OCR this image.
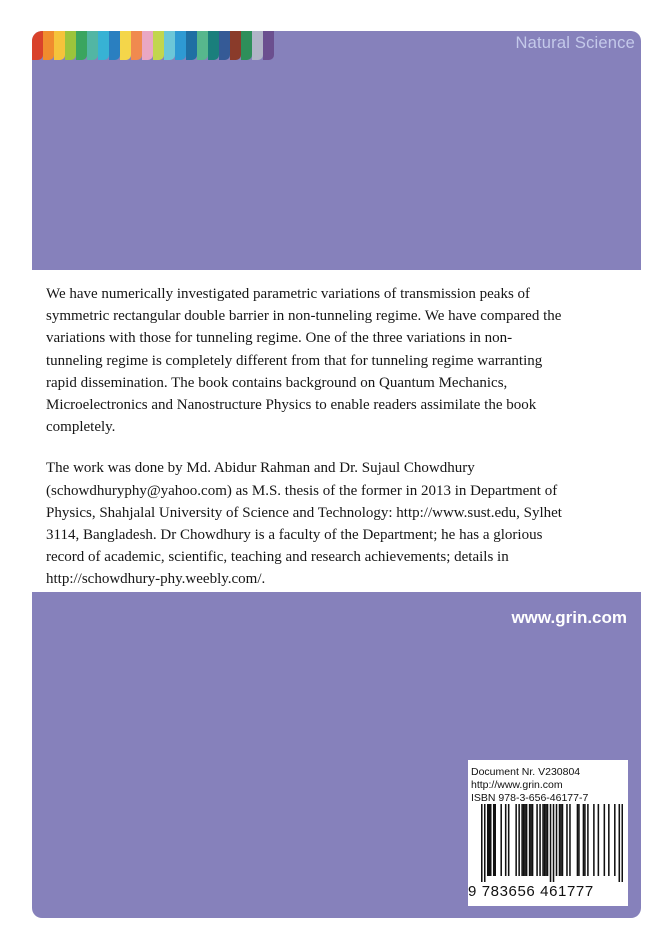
Natural Science

We have numerically investigated parametric variations of transmission peaks of symmetric rectangular double barrier in non-tunneling regime. We have compared the variations with those for tunneling regime. One of the three variations in non-tunneling regime is completely different from that for tunneling regime warranting rapid dissemination. The book contains background on Quantum Mechanics, Microelectronics and Nanostructure Physics to enable readers assimilate the book completely.

The work was done by Md. Abidur Rahman and Dr. Sujaul Chowdhury (schowdhuryphy@yahoo.com) as M.S. thesis of the former in 2013 in Department of Physics, Shahjalal University of Science and Technology: http://www.sust.edu, Sylhet 3114, Bangladesh. Dr Chowdhury is a faculty of the Department; he has a glorious record of academic, scientific, teaching and research achievements; details in http://schowdhury-phy.weebly.com/.

www.grin.com
Document Nr. V230804
http://www.grin.com
ISBN 978-3-656-46177-7
9 783656 461777
